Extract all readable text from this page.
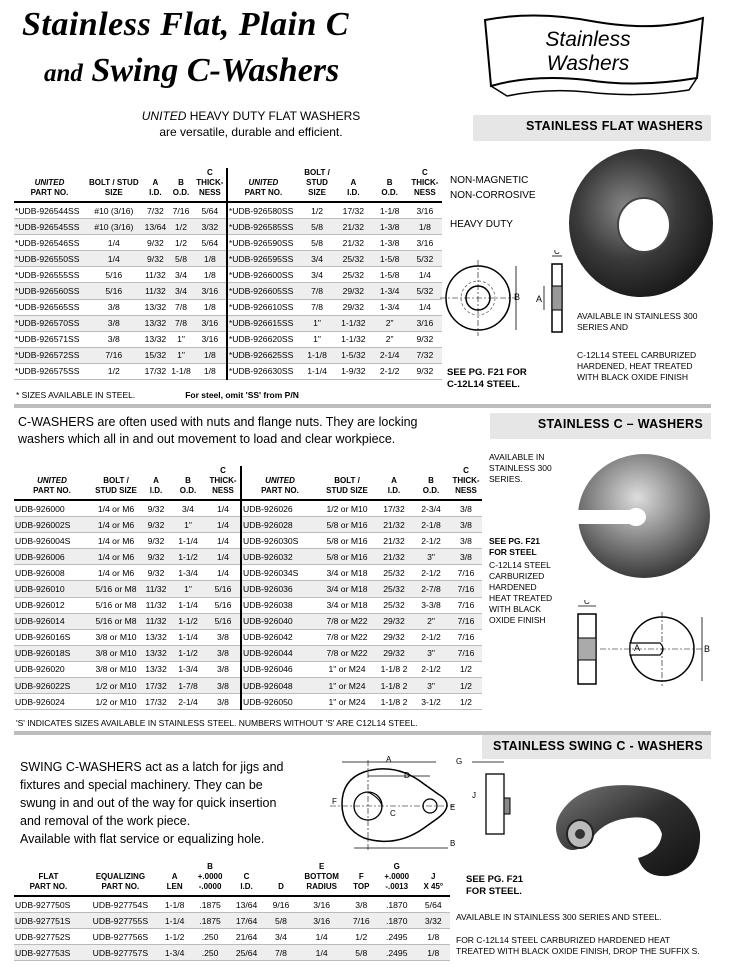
Stainless Flat, Plain C
and Swing C-Washers
Stainless
Washers
UNITED HEAVY DUTY FLAT WASHERS
are versatile, durable and efficient.	STAINLESS FLAT WASHERS
UNITED
PART NO.	BOLT / STUD SIZE	A
I.D.	B
O.D.	C
THICK-
NESS	UNITED
PART NO.	BOLT /
STUD
SIZE	A
I.D.	B
O.D.	C
THICK-
NESS
*UDB-926544SS	#10 (3/16)	7/32	7/16	5/64	*UDB-926580SS	1/2	17/32	1-1/8	3/16
*UDB-926545SS	#10 (3/16)	13/64	1/2	3/32	*UDB-926585SS	5/8	21/32	1-3/8	1/8
*UDB-926546SS	1/4	9/32	1/2	5/64	*UDB-926590SS	5/8	21/32	1-3/8	3/16
*UDB-926550SS	1/4	9/32	5/8	1/8	*UDB-926595SS	3/4	25/32	1-5/8	5/32
*UDB-926555SS	5/16	11/32	3/4	1/8	*UDB-926600SS	3/4	25/32	1-5/8	1/4
*UDB-926560SS	5/16	11/32	3/4	3/16	*UDB-926605SS	7/8	29/32	1-3/4	5/32
*UDB-926565SS	3/8	13/32	7/8	1/8	*UDB-926610SS	7/8	29/32	1-3/4	1/4
*UDB-926570SS	3/8	13/32	7/8	3/16	*UDB-926615SS	1"	1-1/32	2"	3/16
*UDB-926571SS	3/8	13/32	1"	3/16	*UDB-926620SS	1"	1-1/32	2"	9/32
*UDB-926572SS	7/16	15/32	1"	1/8	*UDB-926625SS	1-1/8	1-5/32	2-1/4	7/32
*UDB-926575SS	1/2	17/32	1-1/8	1/8	*UDB-926630SS	1-1/4	1-9/32	2-1/2	9/32
* SIZES AVAILABLE IN STEEL.	For steel, omit 'SS' from P/N
NON-MAGNETIC
NON-CORROSIVE
HEAVY DUTY
B A
C
SEE PG. F21 FOR
C-12L14 STEEL.
AVAILABLE IN STAINLESS 300
SERIES AND
C-12L14 STEEL CARBURIZED
HARDENED, HEAT TREATED
WITH BLACK OXIDE FINISH
C-WASHERS are often used with nuts and flange nuts. They are locking
washers which all in and out movement to load and clear workpiece.
STAINLESS C – WASHERS
UNITED
PART NO.	BOLT /
STUD SIZE	A
I.D.	B
O.D.	C
THICK-
NESS	UNITED
PART NO.	BOLT /
STUD SIZE	A
I.D.	B
O.D.	C
THICK-
NESS
UDB-926000	1/4 or M6	9/32	3/4	1/4	UDB-926026	1/2 or M10	17/32	2-3/4	3/8
UDB-926002S	1/4 or M6	9/32	1"	1/4	UDB-926028	5/8 or M16	21/32	2-1/8	3/8
UDB-926004S	1/4 or M6	9/32	1-1/4	1/4	UDB-926030S	5/8 or M16	21/32	2-1/2	3/8
UDB-926006	1/4 or M6	9/32	1-1/2	1/4	UDB-926032	5/8 or M16	21/32	3"	3/8
UDB-926008	1/4 or M6	9/32	1-3/4	1/4	UDB-926034S	3/4 or M18	25/32	2-1/2	7/16
UDB-926010	5/16 or M8	11/32	1"	5/16	UDB-926036	3/4 or M18	25/32	2-7/8	7/16
UDB-926012	5/16 or M8	11/32	1-1/4	5/16	UDB-926038	3/4 or M18	25/32	3-3/8	7/16
UDB-926014	5/16 or M8	11/32	1-1/2	5/16	UDB-926040	7/8 or M22	29/32	2"	7/16
UDB-926016S	3/8 or M10	13/32	1-1/4	3/8	UDB-926042	7/8 or M22	29/32	2-1/2	7/16
UDB-926018S	3/8 or M10	13/32	1-1/2	3/8	UDB-926044	7/8 or M22	29/32	3"	7/16
UDB-926020	3/8 or M10	13/32	1-3/4	3/8	UDB-926046	1" or M24	1-1/8 2	2-1/2	1/2
UDB-926022S	1/2 or M10	17/32	1-7/8	3/8	UDB-926048	1" or M24	1-1/8 2	3"	1/2
UDB-926024	1/2 or M10	17/32	2-1/4	3/8	UDB-926050	1" or M24	1-1/8 2	3-1/2	1/2
'S' INDICATES SIZES AVAILABLE IN STAINLESS STEEL. NUMBERS WITHOUT 'S' ARE C12L14 STEEL.
AVAILABLE IN
STAINLESS 300
SERIES.
SEE PG. F21
FOR STEEL
C-12L14 STEEL
CARBURIZED
HARDENED
HEAT TREATED
WITH BLACK
OXIDE FINISH
C
A	B
STAINLESS SWING C - WASHERS
SWING C-WASHERS act as a latch for jigs and
fixtures and special machinery. They can be
swung in and out of the way for quick insertion
and removal of the work piece.
Available with flat service or equalizing hole.
A
D
F
C
E
B
G
J
FLAT
PART NO.	EQUALIZING
PART NO.	A
LEN	B
+.0000
-.0000	C
I.D.	D	E
BOTTOM
RADIUS	F
TOP	G
+.0000
-.0013	J
X 45°
UDB-927750S	UDB-927754S	1-1/8	.1875	13/64	9/16	3/16	3/8	.1870	5/64
UDB-927751S	UDB-927755S	1-1/4	.1875	17/64	5/8	3/16	7/16	.1870	3/32
UDB-927752S	UDB-927756S	1-1/2	.250	21/64	3/4	1/4	1/2	.2495	1/8
UDB-927753S	UDB-927757S	1-3/4	.250	25/64	7/8	1/4	5/8	.2495	1/8
SEE PG. F21
FOR STEEL.
AVAILABLE IN STAINLESS 300 SERIES AND STEEL.
FOR C-12L14 STEEL CARBURIZED HARDENED HEAT
TREATED WITH BLACK OXIDE FINISH, DROP THE SUFFIX S.
